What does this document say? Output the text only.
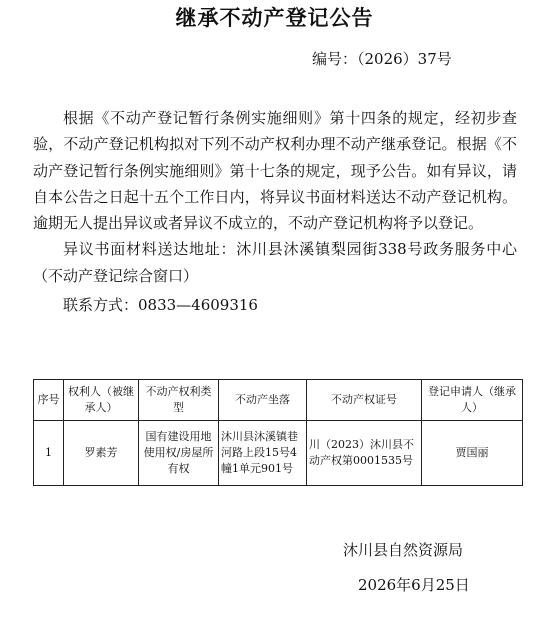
继承不动产登记公告
编号：（2026）37号

根据《不动产登记暂行条例实施细则》第十四条的规定，经初步查验，不动产登记机构拟对下列不动产权利办理不动产继承登记。根据《不动产登记暂行条例实施细则》第十七条的规定，现予公告。如有异议，请自本公告之日起十五个工作日内，将异议书面材料送达不动产登记机构。逾期无人提出异议或者异议不成立的，不动产登记机构将予以登记。

异议书面材料送达地址：沐川县沐溪镇梨园街338号政务服务中心（不动产登记综合窗口）

联系方式：0833—4609316

序号	权利人（被继承人）	不动产权利类型	不动产坐落	不动产权证号	登记申请人（继承人）
1	罗素芳	国有建设用地使用权/房屋所有权	沐川县沐溪镇巷河路上段15号4幢1单元901号	川（2023）沐川县不动产权第0001535号	贾国丽
沐川县自然资源局
2026年6月25日
